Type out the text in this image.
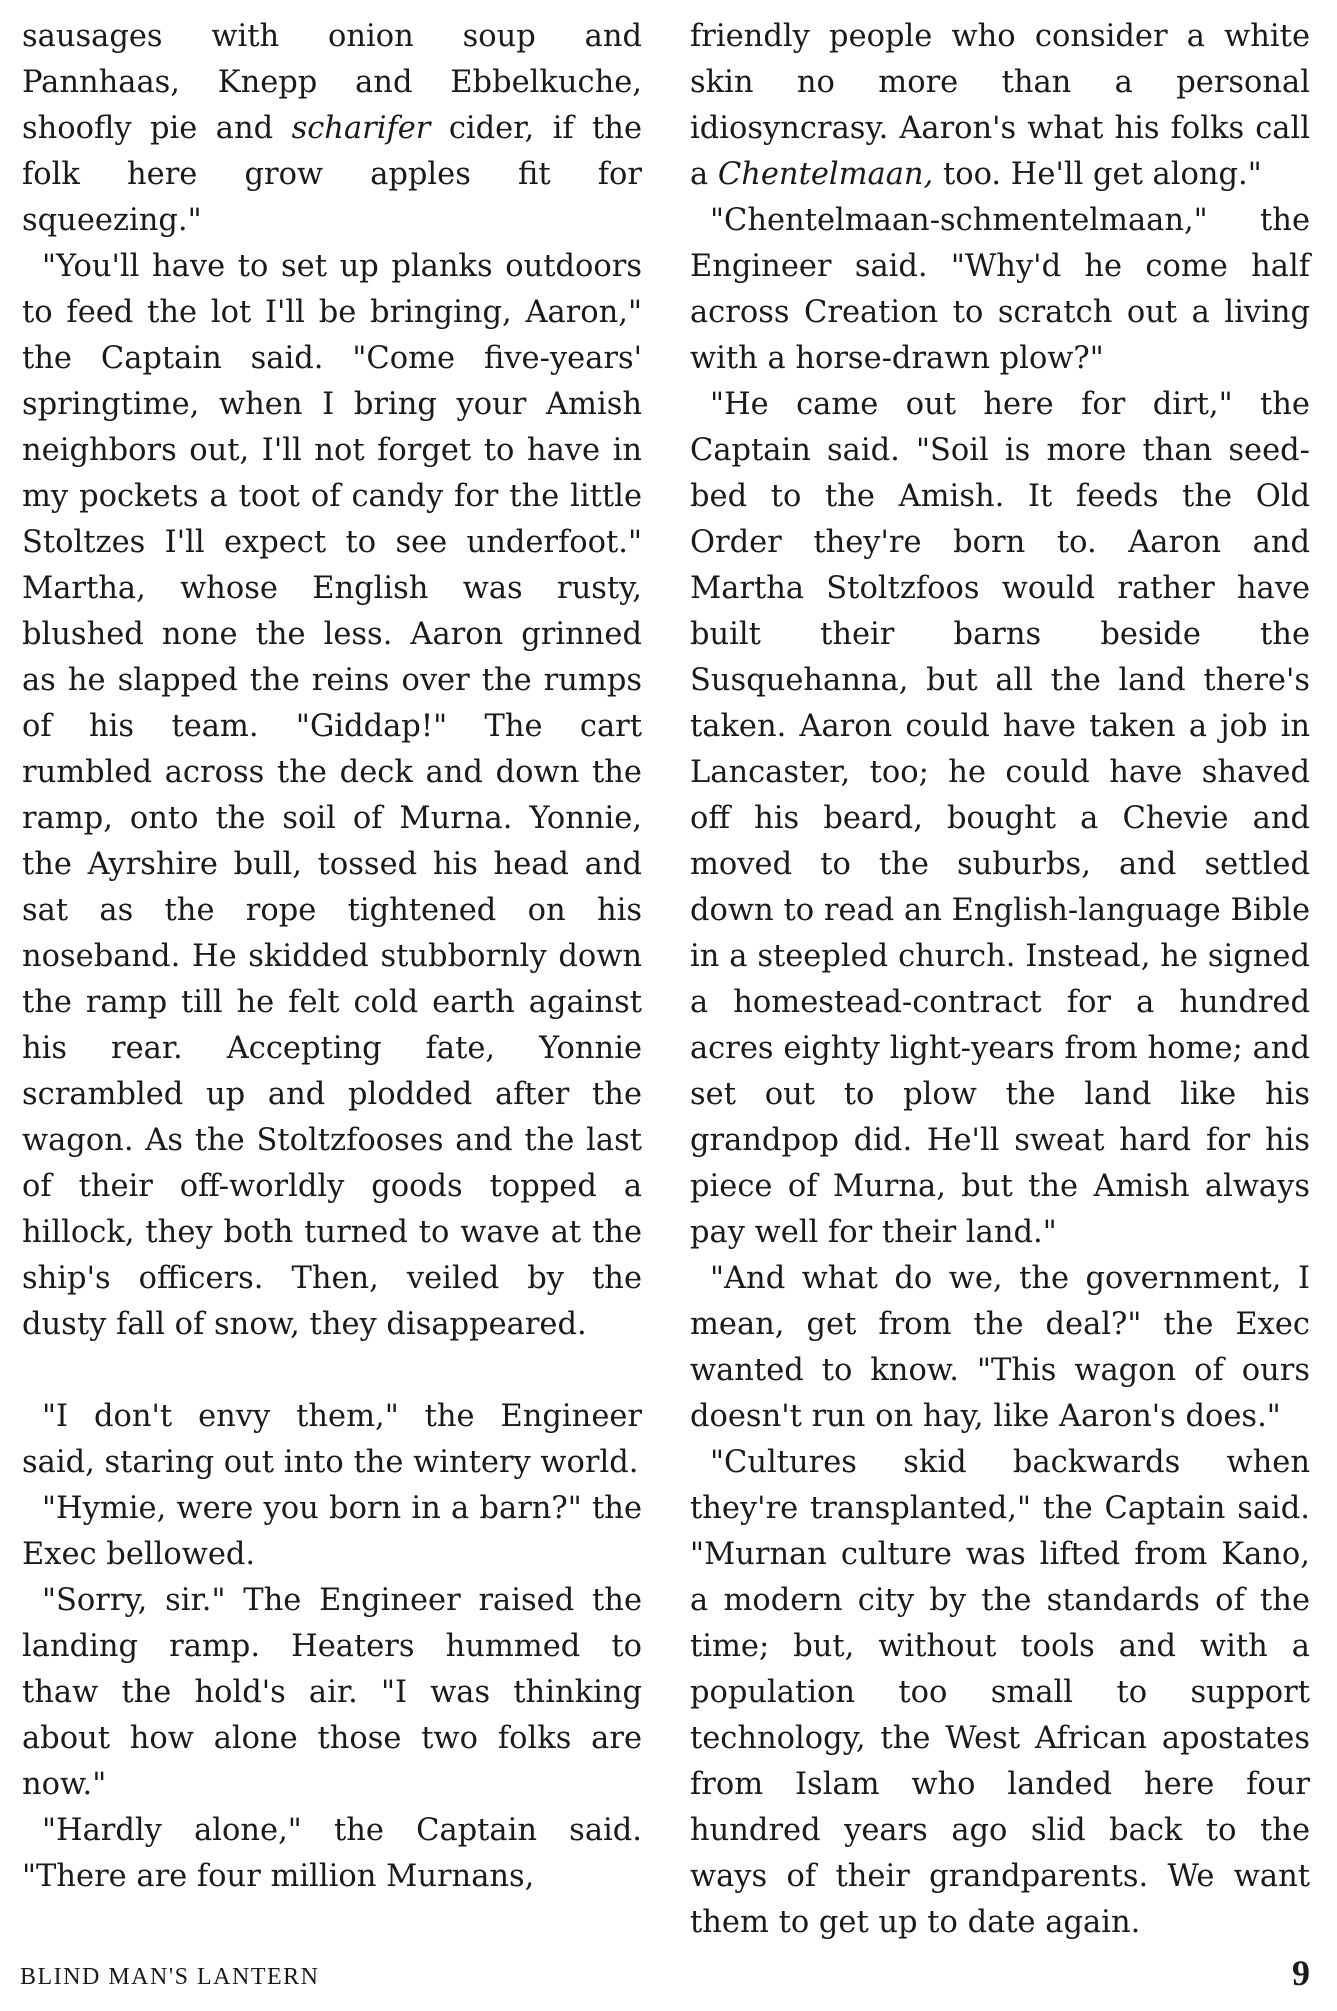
sausages with onion soup and Pannhaas, Knepp and Ebbelkuche, shoofly pie and scharifer cider, if the folk here grow apples fit for squeezing."

"You'll have to set up planks outdoors to feed the lot I'll be bringing, Aaron," the Captain said. "Come five-years' springtime, when I bring your Amish neighbors out, I'll not forget to have in my pockets a toot of candy for the little Stoltzes I'll expect to see underfoot." Martha, whose English was rusty, blushed none the less. Aaron grinned as he slapped the reins over the rumps of his team. "Giddap!" The cart rumbled across the deck and down the ramp, onto the soil of Murna. Yonnie, the Ayrshire bull, tossed his head and sat as the rope tightened on his noseband. He skidded stubbornly down the ramp till he felt cold earth against his rear. Accepting fate, Yonnie scrambled up and plodded after the wagon. As the Stoltzfooses and the last of their off-worldly goods topped a hillock, they both turned to wave at the ship's officers. Then, veiled by the dusty fall of snow, they disappeared.

"I don't envy them," the Engineer said, staring out into the wintery world.

"Hymie, were you born in a barn?" the Exec bellowed.

"Sorry, sir." The Engineer raised the landing ramp. Heaters hummed to thaw the hold's air. "I was thinking about how alone those two folks are now."

"Hardly alone," the Captain said. "There are four million Murnans,

friendly people who consider a white skin no more than a personal idiosyncrasy. Aaron's what his folks call a Chentelmaan, too. He'll get along."

"Chentelmaan-schmentelmaan," the Engineer said. "Why'd he come half across Creation to scratch out a living with a horse-drawn plow?"

"He came out here for dirt," the Captain said. "Soil is more than seed-bed to the Amish. It feeds the Old Order they're born to. Aaron and Martha Stoltzfoos would rather have built their barns beside the Susquehanna, but all the land there's taken. Aaron could have taken a job in Lancaster, too; he could have shaved off his beard, bought a Chevie and moved to the suburbs, and settled down to read an English-language Bible in a steepled church. Instead, he signed a homestead-contract for a hundred acres eighty light-years from home; and set out to plow the land like his grandpop did. He'll sweat hard for his piece of Murna, but the Amish always pay well for their land."

"And what do we, the government, I mean, get from the deal?" the Exec wanted to know. "This wagon of ours doesn't run on hay, like Aaron's does."

"Cultures skid backwards when they're transplanted," the Captain said. "Murnan culture was lifted from Kano, a modern city by the standards of the time; but, without tools and with a population too small to support technology, the West African apostates from Islam who landed here four hundred years ago slid back to the ways of their grandparents. We want them to get up to date again.

BLIND MAN'S LANTERN	9
